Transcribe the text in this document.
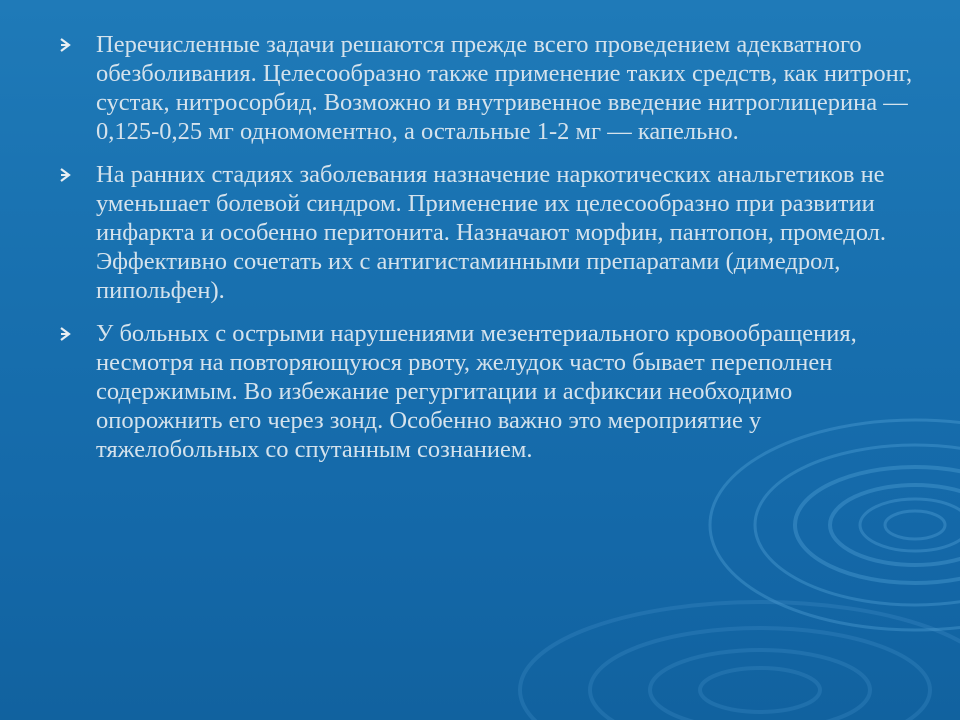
Перечисленные задачи решаются прежде всего проведением адекватного обезболивания. Целесообразно также применение таких средств, как нитронг, сустак, нитросорбид. Возможно и внутривенное введение нитроглицерина — 0,125-0,25 мг одномоментно, а остальные 1-2 мг — капельно.
На ранних стадиях заболевания назначение наркотических анальгетиков не уменьшает болевой синдром. Применение их целесообразно при развитии инфаркта и особенно перитонита. Назначают морфин, пантопон, промедол. Эффективно сочетать их с антигистаминными препаратами (димедрол, пипольфен).
У больных с острыми нарушениями мезентериального кровообращения, несмотря на повторяющуюся рвоту, желудок часто бывает переполнен содержимым. Во избежание регургитации и асфиксии необходимо опорожнить его через зонд. Особенно важно это мероприятие у тяжелобольных со спутанным сознанием.
